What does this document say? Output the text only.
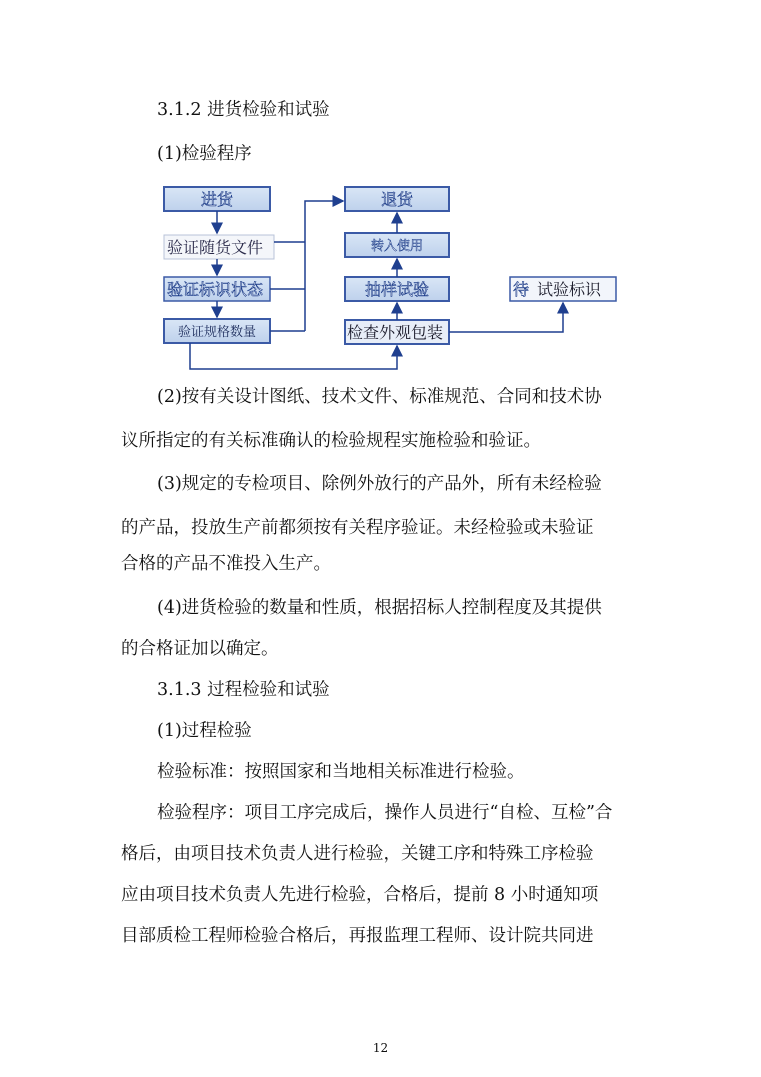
3.1.2 进货检验和试验
(1)检验程序
进货
验证随货文件
验证标识状态
验证规格数量
退货
转入使用
抽样试验
检查外观包装
待 试验标识
(2)按有关设计图纸、技术文件、标准规范、合同和技术协
议所指定的有关标准确认的检验规程实施检验和验证。
(3)规定的专检项目、除例外放行的产品外，所有未经检验
的产品，投放生产前都须按有关程序验证。未经检验或未验证
合格的产品不准投入生产。
(4)进货检验的数量和性质，根据招标人控制程度及其提供
的合格证加以确定。
3.1.3 过程检验和试验
(1)过程检验
检验标准：按照国家和当地相关标准进行检验。
检验程序：项目工序完成后，操作人员进行“自检、互检”合
格后，由项目技术负责人进行检验，关键工序和特殊工序检验
应由项目技术负责人先进行检验，合格后，提前 8 小时通知项
目部质检工程师检验合格后，再报监理工程师、设计院共同进
12
